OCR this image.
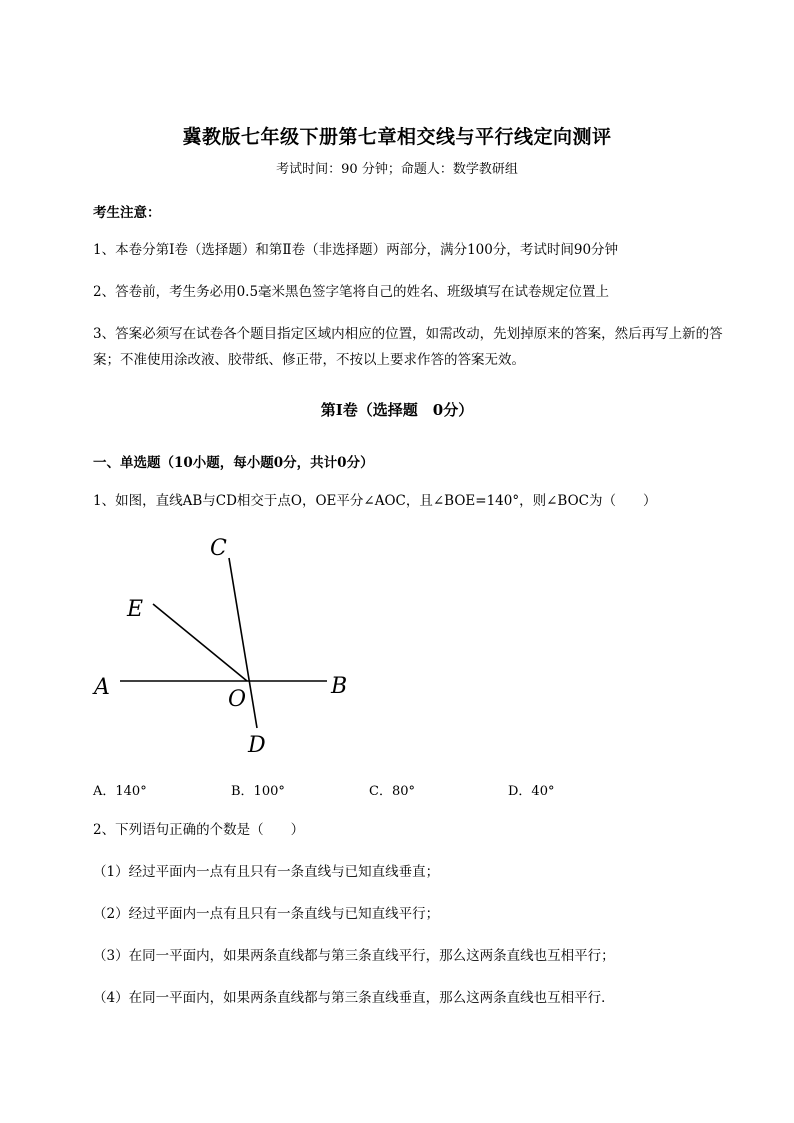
冀教版七年级下册第七章相交线与平行线定向测评
考试时间：90 分钟；命题人：数学教研组
考生注意：
1、本卷分第I卷（选择题）和第Ⅱ卷（非选择题）两部分，满分100分，考试时间90分钟
2、答卷前，考生务必用0.5毫米黑色签字笔将自己的姓名、班级填写在试卷规定位置上
3、答案必须写在试卷各个题目指定区域内相应的位置，如需改动，先划掉原来的答案，然后再写上新的答案；不准使用涂改液、胶带纸、修正带，不按以上要求作答的答案无效。
第I卷（选择题　0分）
一、单选题（10小题，每小题0分，共计0分）
1、如图，直线AB与CD相交于点O，OE平分∠AOC，且∠BOE=140°，则∠BOC为（　　）
A	B
C
D
E
O
A．140°	B．100°	C．80°	D．40°
2、下列语句正确的个数是（　　）
（1）经过平面内一点有且只有一条直线与已知直线垂直；
（2）经过平面内一点有且只有一条直线与已知直线平行；
（3）在同一平面内，如果两条直线都与第三条直线平行，那么这两条直线也互相平行；
（4）在同一平面内，如果两条直线都与第三条直线垂直，那么这两条直线也互相平行．
